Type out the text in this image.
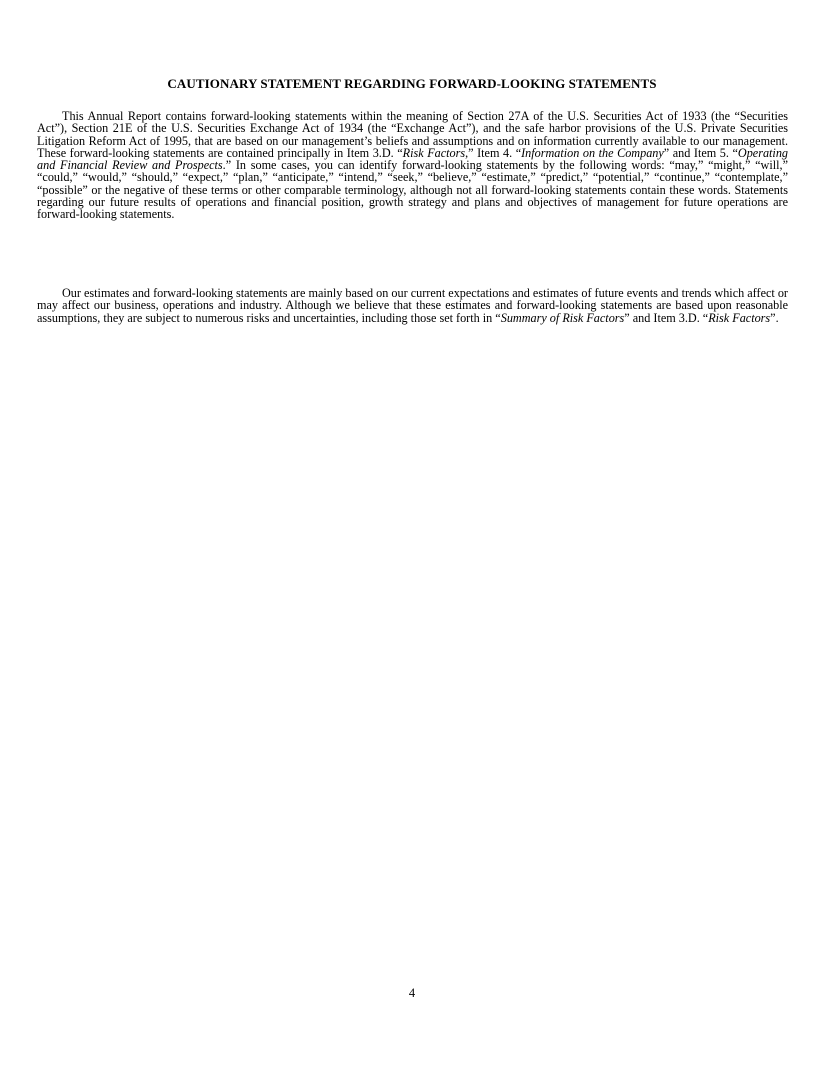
CAUTIONARY STATEMENT REGARDING FORWARD-LOOKING STATEMENTS

This Annual Report contains forward-looking statements within the meaning of Section 27A of the U.S. Securities Act of 1933 (the “Securities Act”), Section 21E of the U.S. Securities Exchange Act of 1934 (the “Exchange Act”), and the safe harbor provisions of the U.S. Private Securities Litigation Reform Act of 1995, that are based on our management’s beliefs and assumptions and on information currently available to our management. These forward-looking statements are contained principally in Item 3.D. “Risk Factors,” Item 4. “Information on the Company” and Item 5. “Operating and Financial Review and Prospects.” In some cases, you can identify forward-looking statements by the following words: “may,” “might,” “will,” “could,” “would,” “should,” “expect,” “plan,” “anticipate,” “intend,” “seek,” “believe,” “estimate,” “predict,” “potential,” “continue,” “contemplate,” “possible” or the negative of these terms or other comparable terminology, although not all forward-looking statements contain these words. Statements regarding our future results of operations and financial position, growth strategy and plans and objectives of management for future operations are forward-looking statements.

Our estimates and forward-looking statements are mainly based on our current expectations and estimates of future events and trends which affect or may affect our business, operations and industry. Although we believe that these estimates and forward-looking statements are based upon reasonable assumptions, they are subject to numerous risks and uncertainties, including those set forth in “Summary of Risk Factors” and Item 3.D. “Risk Factors”.

4
